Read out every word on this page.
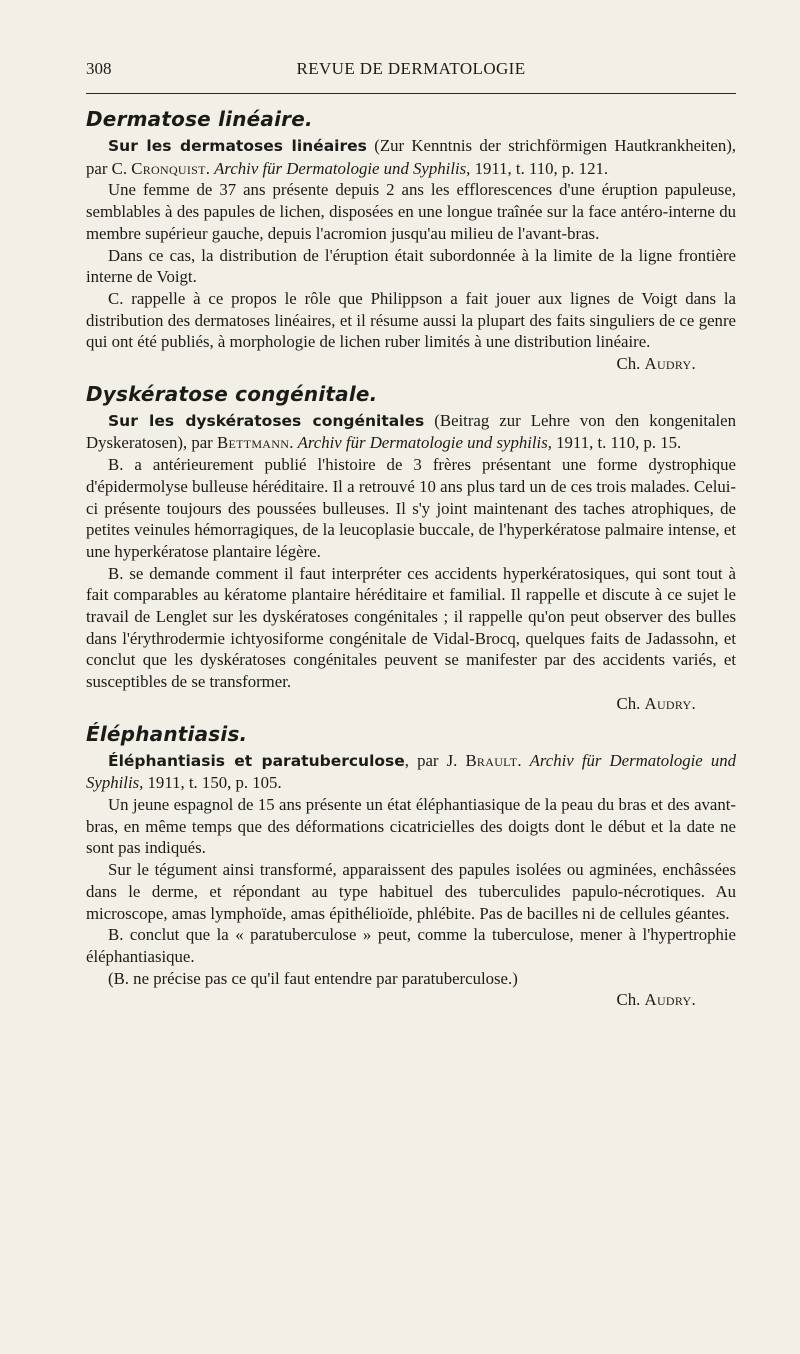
308	REVUE DE DERMATOLOGIE
Dermatose linéaire.

Sur les dermatoses linéaires (Zur Kenntnis der strichförmigen Hautkrankheiten), par C. Cronquist. Archiv für Dermatologie und Syphilis, 1911, t. 110, p. 121.

Une femme de 37 ans présente depuis 2 ans les efflorescences d'une éruption papuleuse, semblables à des papules de lichen, disposées en une longue traînée sur la face antéro-interne du membre supérieur gauche, depuis l'acromion jusqu'au milieu de l'avant-bras.

Dans ce cas, la distribution de l'éruption était subordonnée à la limite de la ligne frontière interne de Voigt.

C. rappelle à ce propos le rôle que Philippson a fait jouer aux lignes de Voigt dans la distribution des dermatoses linéaires, et il résume aussi la plupart des faits singuliers de ce genre qui ont été publiés, à morphologie de lichen ruber limités à une distribution linéaire.

Ch. Audry.

Dyskératose congénitale.

Sur les dyskératoses congénitales (Beitrag zur Lehre von den kongenitalen Dyskeratosen), par Bettmann. Archiv für Dermatologie und syphilis, 1911, t. 110, p. 15.

B. a antérieurement publié l'histoire de 3 frères présentant une forme dystrophique d'épidermolyse bulleuse héréditaire. Il a retrouvé 10 ans plus tard un de ces trois malades. Celui-ci présente toujours des poussées bulleuses. Il s'y joint maintenant des taches atrophiques, de petites veinules hémorragiques, de la leucoplasie buccale, de l'hyperkératose palmaire intense, et une hyperkératose plantaire légère.

B. se demande comment il faut interpréter ces accidents hyperkératosiques, qui sont tout à fait comparables au kératome plantaire héréditaire et familial. Il rappelle et discute à ce sujet le travail de Lenglet sur les dyskératoses congénitales ; il rappelle qu'on peut observer des bulles dans l'érythrodermie ichtyosiforme congénitale de Vidal-Brocq, quelques faits de Jadassohn, et conclut que les dyskératoses congénitales peuvent se manifester par des accidents variés, et susceptibles de se transformer.

Ch. Audry.

Éléphantiasis.

Éléphantiasis et paratuberculose, par J. Brault. Archiv für Dermatologie und Syphilis, 1911, t. 150, p. 105.

Un jeune espagnol de 15 ans présente un état éléphantiasique de la peau du bras et des avant-bras, en même temps que des déformations cicatricielles des doigts dont le début et la date ne sont pas indiqués.

Sur le tégument ainsi transformé, apparaissent des papules isolées ou agminées, enchâssées dans le derme, et répondant au type habituel des tuberculides papulo-nécrotiques. Au microscope, amas lymphoïde, amas épithélioïde, phlébite. Pas de bacilles ni de cellules géantes.

B. conclut que la « paratuberculose » peut, comme la tuberculose, mener à l'hypertrophie éléphantiasique.

(B. ne précise pas ce qu'il faut entendre par paratuberculose.)

Ch. Audry.
